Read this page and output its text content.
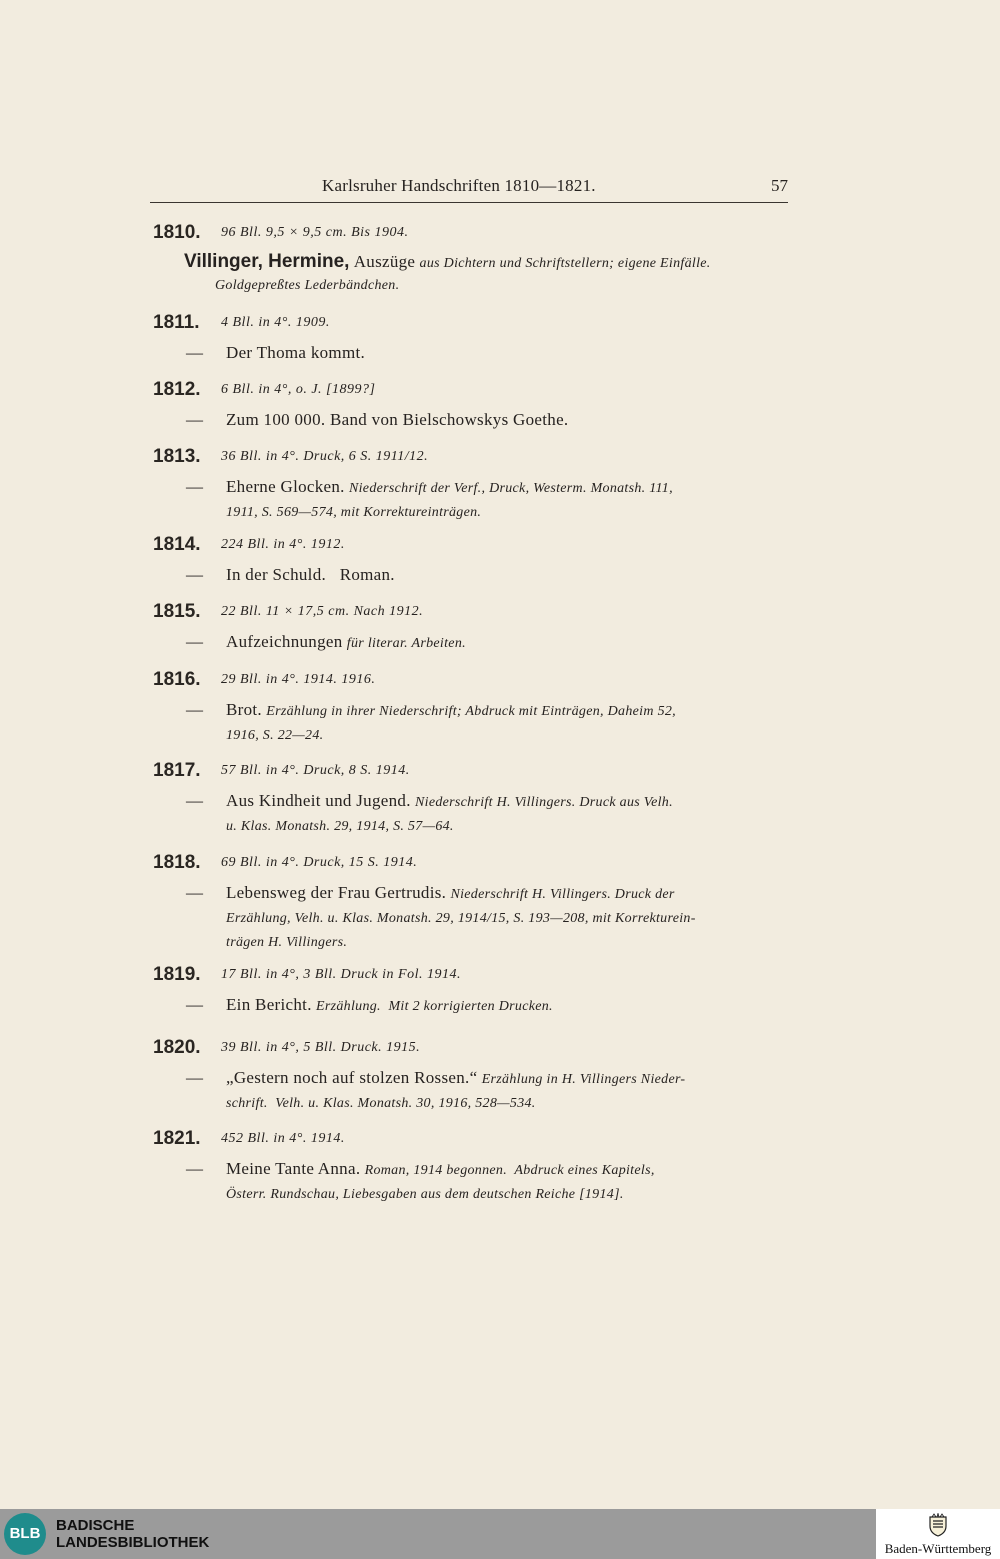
Karlsruher Handschriften 1810—1821.	57
1810. 96 Bll. 9,5 × 9,5 cm. Bis 1904.
Villinger, Hermine, Auszüge aus Dichtern und Schriftstellern; eigene Einfälle.
Goldgepreßtes Lederbändchen.
1811. 4 Bll. in 4°. 1909.
— Der Thoma kommt.
1812. 6 Bll. in 4°, o. J. [1899?]
— Zum 100 000. Band von Bielschowskys Goethe.
1813. 36 Bll. in 4°. Druck, 6 S. 1911/12.
— Eherne Glocken. Niederschrift der Verf., Druck, Westerm. Monatsh. 111,
1911, S. 569—574, mit Korrektureinträgen.
1814. 224 Bll. in 4°. 1912.
— In der Schuld.   Roman.
1815. 22 Bll. 11 × 17,5 cm. Nach 1912.
— Aufzeichnungen für literar. Arbeiten.
1816. 29 Bll. in 4°. 1914. 1916.
— Brot. Erzählung in ihrer Niederschrift; Abdruck mit Einträgen, Daheim 52,
1916, S. 22—24.
1817. 57 Bll. in 4°. Druck, 8 S. 1914.
— Aus Kindheit und Jugend. Niederschrift H. Villingers. Druck aus Velh.
u. Klas. Monatsh. 29, 1914, S. 57—64.
1818. 69 Bll. in 4°. Druck, 15 S. 1914.
— Lebensweg der Frau Gertrudis. Niederschrift H. Villingers. Druck der
Erzählung, Velh. u. Klas. Monatsh. 29, 1914/15, S. 193—208, mit Korrekturein-
trägen H. Villingers.
1819. 17 Bll. in 4°, 3 Bll. Druck in Fol. 1914.
— Ein Bericht. Erzählung.  Mit 2 korrigierten Drucken.
1820. 39 Bll. in 4°, 5 Bll. Druck. 1915.
— „Gestern noch auf stolzen Rossen.“ Erzählung in H. Villingers Nieder-
schrift.  Velh. u. Klas. Monatsh. 30, 1916, 528—534.
1821. 452 Bll. in 4°. 1914.
— Meine Tante Anna. Roman, 1914 begonnen.  Abdruck eines Kapitels,
Österr. Rundschau, Liebesgaben aus dem deutschen Reiche [1914].
BLB	BADISCHE
LANDESBIBLIOTHEK	Baden-Württemberg
